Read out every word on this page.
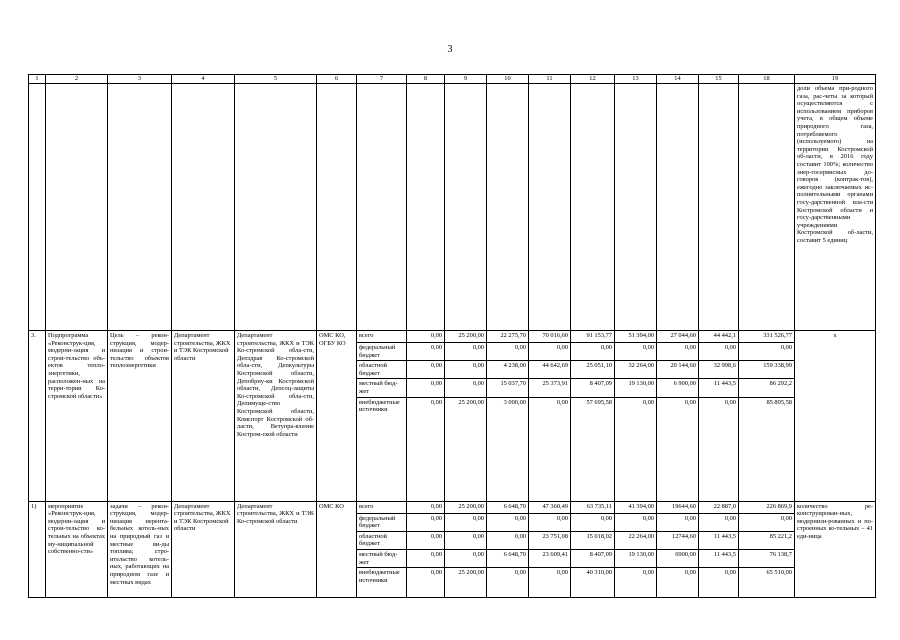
3
1	2	3	4	5	6	7	8	9	10	11	12	13	14	15	18	19
																доли объема при-родного газа, рас-четы за который осуществляются с использованием приборов учета, в общем объеме природного газа, потребляемого (используемого) на территории Костромской об-ласти, в 2016 году составит 100%; количество энер-госервисных до-говоров (контрак-тов), ежегодно заключаемых ис-полнительными органами госу-дарственной вла-сти Костромской области и госу-дарственными учреждениями Костромской об-ласти, составит 5 единиц
3.	Подпрограмма «Реконструк-ция, модерни-зация и строи-тельство объ-ектов тепло-энергетики, расположен-ных на терри-тории Ко-стромской области»	Цель – рекон-струкция, модер-низация и строи-тельство объектов теплоэнергетики	Департамент строительства, ЖКХ и ТЭК Костромской области	Департамент строительства, ЖКХ и ТЭК Ко-стромской обла-сти, Депздрав Ко-стромской обла-сти, Депкультуры Костромской области, Депобрну-ки Костромской области, Депсоц-защиты Ко-стромской обла-сти, Депимуще-ство Костромской области, Комспорт Костромской об-ласти, Ветупра-вление Костром-ской области	ОМС КО, ОГБУ КО	всего	0,00	25 200,00	22 275,70	70 016,60	91 153,77	51 394,00	27 044,60	44 442,1	331 526,77	х
						федеральный бюджет	0,00	0,00	0,00	0,00	0,00	0,00	0,00	0,00	0,00	
						областной бюджет	0,00	0,00	4 238,00	44 642,69	25 051,10	32 264,00	20 144,60	32 998,6	159 338,99	
						местный бюд-жет	0,00	0,00	15 037,70	25 373,91	8 407,09	19 130,00	6 900,00	11 443,5	86 292,2	
						внебюджетные источники	0,00	25 200,00	3 000,00	0,00	57 695,58	0,00	0,00	0,00	85 895,58	
1)	мероприятие «Реконструк-ция, модерни-зация и строи-тельство ко-тельных на объектах му-ниципальной собственно-сти»	задачи – рекон-струкция, модер-низация нерента-бельных котель-ных на природный газ и местные ви-ды топлива; стро-ительство котель-ных, работающих на природном газе и местных видах	Департамент строительства, ЖКХ и ТЭК Костромской области	Департамент строительства, ЖКХ и ТЭК Ко-стромской области	ОМС КО	всего	0,00	25 200,00	6 648,70	47 360,49	63 735,11	41 394,00	19644,60	22 887,0	226 869,9	количество ре-конструирован-ных, модернизи-рованных и по-строенных ко-тельных – 41 еди-ница
						федеральный бюджет	0,00	0,00	0,00	0,00	0,00	0,00	0,00	0,00	0,00	
						областной бюджет	0,00	0,00	0,00	23 751,08	15 018,02	22 264,00	12744,60	11 443,5	85 221,2	
						местный бюд-жет	0,00	0,00	6 648,70	23 609,41	8 407,09	19 130,00	6900,00	11 443,5	76 138,7	
						внебюджетные источники	0,00	25 200,00	0,00	0,00	40 310,00	0,00	0,00	0,00	65 510,00	
